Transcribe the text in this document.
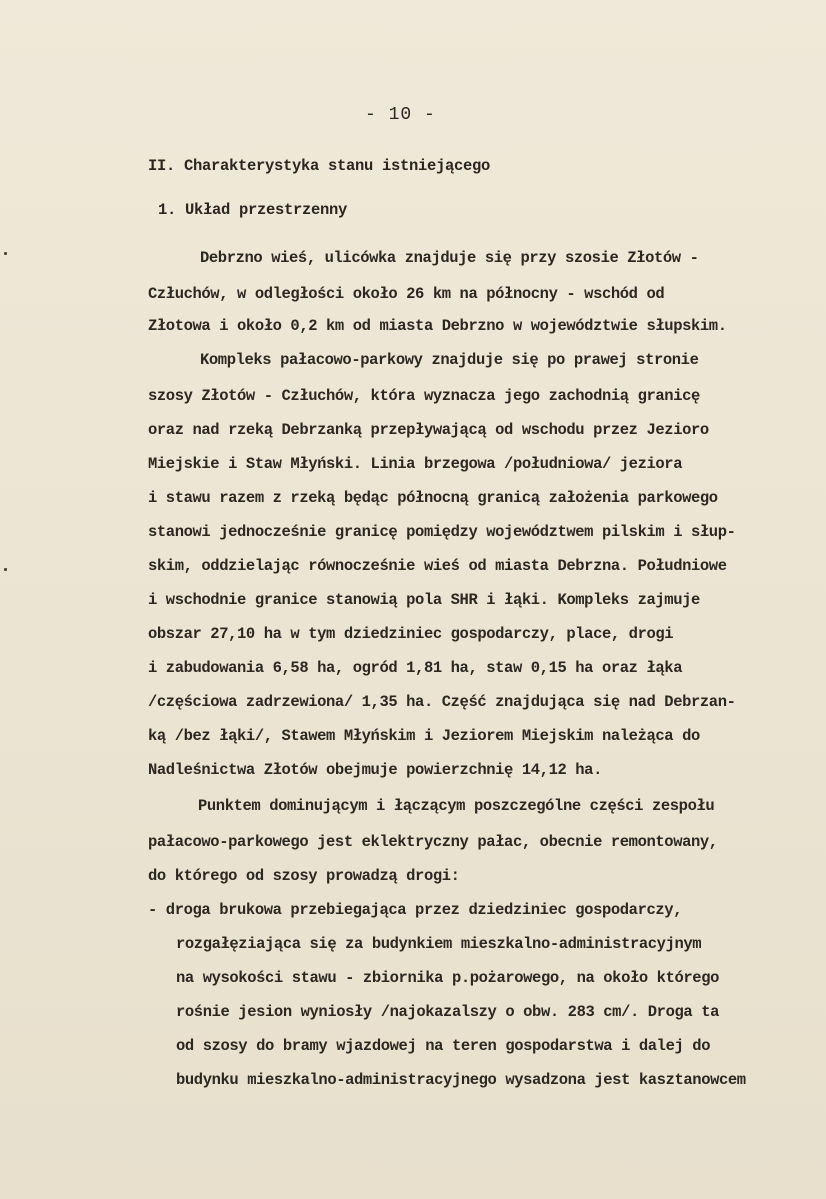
- 10 -
II. Charakterystyka stanu istniejącego
1. Układ przestrzenny
Debrzno wieś, ulicówka znajduje się przy szosie Złotów -
Człuchów, w odległości około 26 km na północny - wschód od
Złotowa i około 0,2 km od miasta Debrzno w województwie słupskim.
Kompleks pałacowo-parkowy znajduje się po prawej stronie
szosy Złotów - Człuchów, która wyznacza jego zachodnią granicę
oraz nad rzeką Debrzanką przepływającą od wschodu przez Jezioro
Miejskie i Staw Młyński. Linia brzegowa /południowa/ jeziora
i stawu razem z rzeką będąc północną granicą założenia parkowego
stanowi jednocześnie granicę pomiędzy województwem pilskim i słup-
skim, oddzielając równocześnie wieś od miasta Debrzna. Południowe
i wschodnie granice stanowią pola SHR i łąki. Kompleks zajmuje
obszar 27,10 ha w tym dziedziniec gospodarczy, place, drogi
i zabudowania 6,58 ha, ogród 1,81 ha, staw 0,15 ha oraz łąka
/częściowa zadrzewiona/ 1,35 ha. Część znajdująca się nad Debrzan-
ką /bez łąki/, Stawem Młyńskim i Jeziorem Miejskim należąca do
Nadleśnictwa Złotów obejmuje powierzchnię 14,12 ha.
Punktem dominującym i łączącym poszczególne części zespołu
pałacowo-parkowego jest eklektryczny pałac, obecnie remontowany,
do którego od szosy prowadzą drogi:
- droga brukowa przebiegająca przez dziedziniec gospodarczy,
rozgałęziająca się za budynkiem mieszkalno-administracyjnym
na wysokości stawu - zbiornika p.pożarowego, na około którego
rośnie jesion wyniosły /najokazalszy o obw. 283 cm/. Droga ta
od szosy do bramy wjazdowej na teren gospodarstwa i dalej do
budynku mieszkalno-administracyjnego wysadzona jest kasztanowcem
